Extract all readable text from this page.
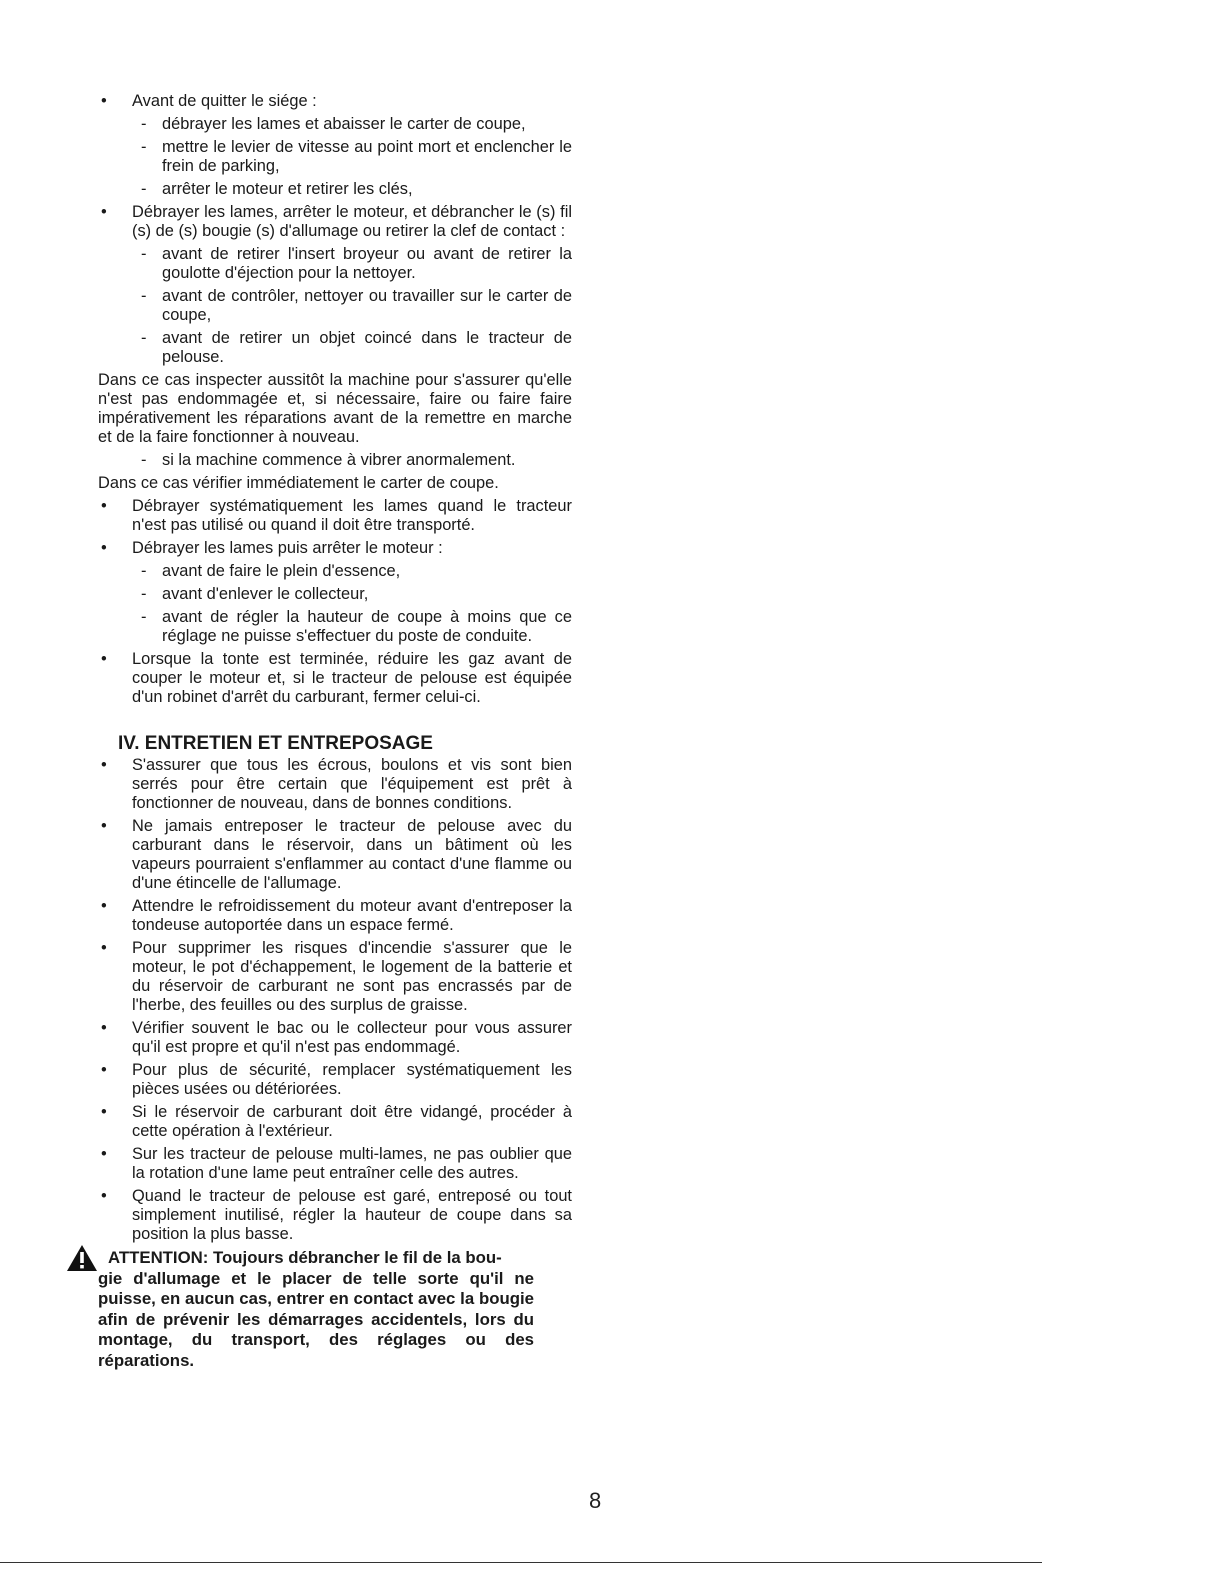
• Avant de quitter le siége :

- débrayer les lames et abaisser le carter de coupe,

- mettre le levier de vitesse au point mort et enclencher le frein de parking,

- arrêter le moteur et retirer les clés,

• Débrayer les lames, arrêter le moteur, et débrancher le (s) fil (s) de (s) bougie (s) d'allumage ou retirer la clef de contact :

- avant de retirer l'insert broyeur ou avant de retirer la goulotte d'éjection pour la nettoyer.

- avant de contrôler, nettoyer ou travailler sur le carter de coupe,

- avant de retirer un objet coincé dans le tracteur de pelouse.

Dans ce cas inspecter aussitôt la machine pour s'assurer qu'elle n'est pas endommagée et, si nécessaire, faire ou faire faire impérativement les réparations avant de la remettre en marche et de la faire fonctionner à nouveau.

- si la machine commence à vibrer anormalement.

Dans ce cas vérifier immédiatement le carter de coupe.

• Débrayer systématiquement les lames quand le tracteur n'est pas utilisé ou quand il doit être transporté.

• Débrayer les lames puis arrêter le moteur :

- avant de faire le plein d'essence,

- avant d'enlever le collecteur,

- avant de régler la hauteur de coupe à moins que ce réglage ne puisse s'effectuer du poste de conduite.

• Lorsque la tonte est terminée, réduire les gaz avant de couper le moteur et, si le tracteur de pelouse est équipée d'un robinet d'arrêt du carburant, fermer celui-ci.

IV. ENTRETIEN ET ENTREPOSAGE

• S'assurer que tous les écrous, boulons et vis sont bien serrés pour être certain que l'équipement est prêt à fonctionner de nouveau, dans de bonnes conditions.

• Ne jamais entreposer le tracteur de pelouse avec du carburant dans le réservoir, dans un bâtiment où les vapeurs pourraient s'enflammer au contact d'une flamme ou d'une étincelle de l'allumage.

• Attendre le refroidissement du moteur avant d'entreposer la tondeuse autoportée dans un espace fermé.

• Pour supprimer les risques d'incendie s'assurer que le moteur, le pot d'échappement, le logement de la batterie et du réservoir de carburant ne sont pas encrassés par de l'herbe, des feuilles ou des surplus de graisse.

• Vérifier souvent le bac ou le collecteur pour vous assurer qu'il est propre et qu'il n'est pas endommagé.

• Pour plus de sécurité, remplacer systématiquement les pièces usées ou détériorées.

• Si le réservoir de carburant doit être vidangé, procéder à cette opération à l'extérieur.

• Sur les tracteur de pelouse multi-lames, ne pas oublier que la rotation d'une lame peut entraîner celle des autres.

• Quand le tracteur de pelouse est garé, entreposé ou tout simplement inutilisé, régler la hauteur de coupe dans sa position la plus basse.

ATTENTION: Toujours débrancher le fil de la bou-
gie d'allumage et le placer de telle sorte qu'il ne puisse, en aucun cas, entrer en contact avec la bougie afin de prévenir les démarrages accidentels, lors du montage, du transport, des réglages ou des réparations.
8
